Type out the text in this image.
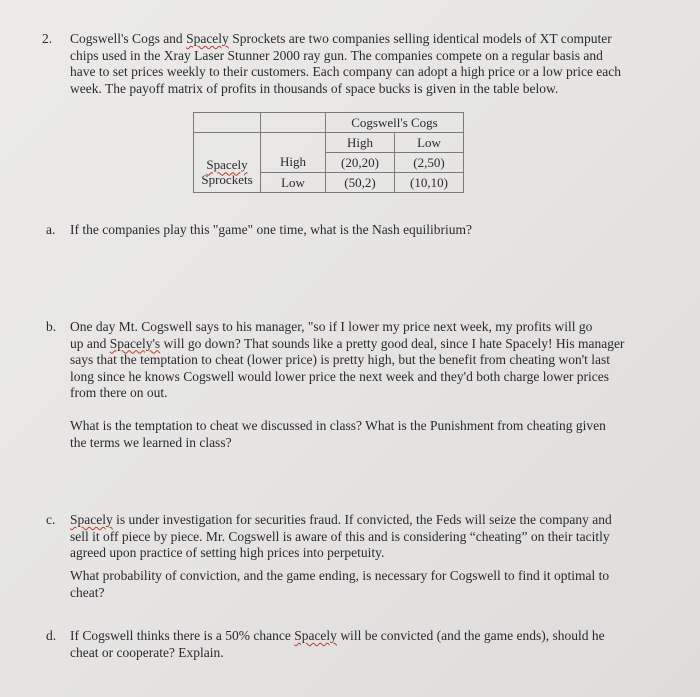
2. Cogswell's Cogs and Spacely Sprockets are two companies selling identical models of XT computer
chips used in the Xray Laser Stunner 2000 ray gun. The companies compete on a regular basis and
have to set prices weekly to their customers. Each company can adopt a high price or a low price each
week. The payoff matrix of profits in thousands of space bucks is given in the table below.
		Cogswell's Cogs	
		High	Low

Spacely
Sprockets	High	(20,20)	(2,50)
	Low	(50,2)	(10,10)
a. If the companies play this "game" one time, what is the Nash equilibrium?
b. One day Mt. Cogswell says to his manager, "so if I lower my price next week, my profits will go
up and Spacely's will go down? That sounds like a pretty good deal, since I hate Spacely! His manager
says that the temptation to cheat (lower price) is pretty high, but the benefit from cheating won't last
long since he knows Cogswell would lower price the next week and they'd both charge lower prices
from there on out.
What is the temptation to cheat we discussed in class? What is the Punishment from cheating given
the terms we learned in class?
c. Spacely is under investigation for securities fraud. If convicted, the Feds will seize the company and
sell it off piece by piece. Mr. Cogswell is aware of this and is considering “cheating” on their tacitly
agreed upon practice of setting high prices into perpetuity.
What probability of conviction, and the game ending, is necessary for Cogswell to find it optimal to
cheat?
d. If Cogswell thinks there is a 50% chance Spacely will be convicted (and the game ends), should he
cheat or cooperate? Explain.
